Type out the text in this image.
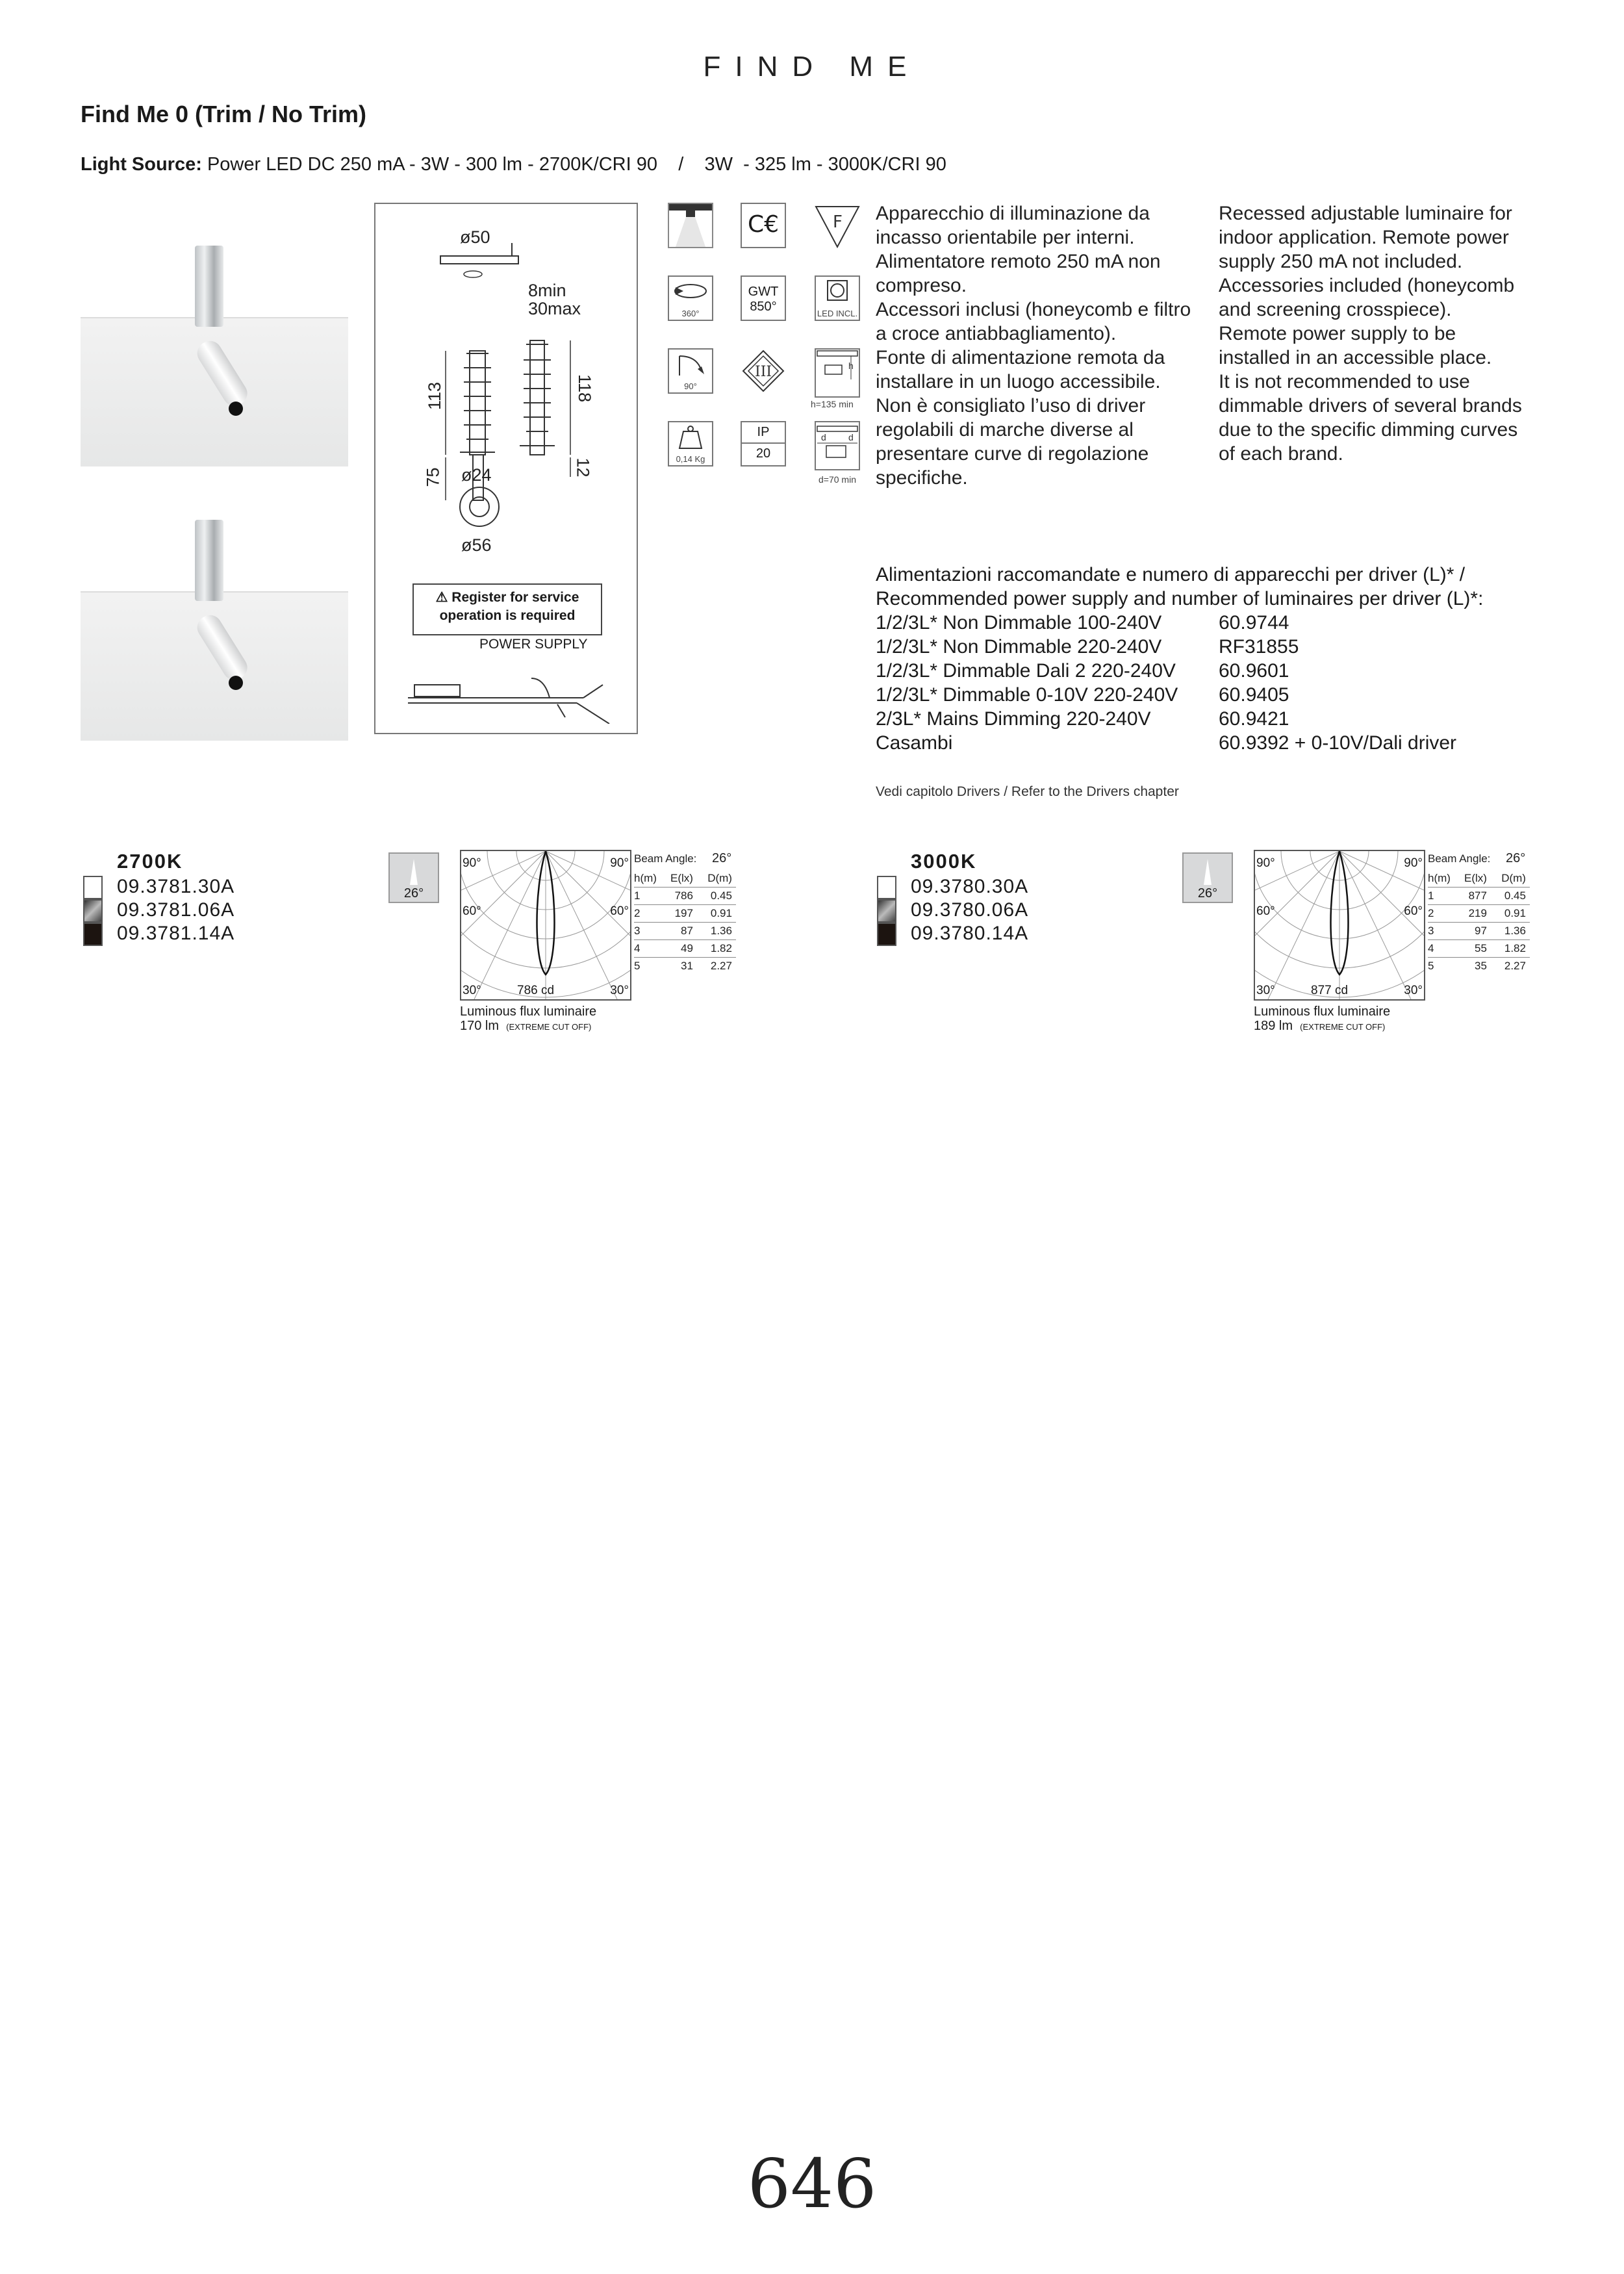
FIND ME
Find Me 0 (Trim / No Trim)
Light Source: Power LED DC 250 mA - 3W - 300 lm - 2700K/CRI 90    /    3W  - 325 lm - 3000K/CRI 90
ø50
8min
30max
113
75
118
12
ø24
ø56
⚠ Register for service
operation is required
POWER SUPPLY
C€	F
360°
GWT
850°	LED INCL.
90°
III	h
h=135 min
0,14 Kg
IP
20
d d
d=70 min
Apparecchio di illuminazione da
incasso orientabile per interni.
Alimentatore remoto 250 mA non
compreso.
Accessori inclusi (honeycomb e filtro
a croce antiabbagliamento).
Fonte di alimentazione remota da
installare in un luogo accessibile.
Non è consigliato l’uso di driver
regolabili di marche diverse al
presentare curve di regolazione
specifiche.
Recessed adjustable luminaire for
indoor application. Remote power
supply 250 mA not included.
Accessories included (honeycomb
and screening crosspiece).
Remote power supply to be
installed in an accessible place.
It is not recommended to use
dimmable drivers of several brands
due to the specific dimming curves
of each brand.
Alimentazioni raccomandate e numero di apparecchi per driver (L)* /
Recommended power supply and number of luminaires per driver (L)*:
1/2/3L* Non Dimmable 100-240V	60.9744
1/2/3L* Non Dimmable 220-240V	RF31855
1/2/3L* Dimmable Dali 2 220-240V 60.9601
1/2/3L* Dimmable 0-10V 220-240V 60.9405
2/3L* Mains Dimming 220-240V	60.9421
Casambi	60.9392 + 0-10V/Dali driver
Vedi capitolo Drivers / Refer to the Drivers chapter
2700K
09.3781.30A
09.3781.06A
09.3781.14A
26°
90°	90°
60°	60°
30°	30°
786 cd
Luminous flux luminaire
170 lm (EXTREME CUT OFF)
Beam Angle: 26°
h(m)	E(lx)	D(m)
1	786	0.45
2	197	0.91
3	87	1.36
4	49	1.82
5	31	2.27
3000K
09.3780.30A
09.3780.06A
09.3780.14A
26°
90°	90°
60°	60°
30°	30°
877 cd
Luminous flux luminaire
189 lm (EXTREME CUT OFF)
Beam Angle: 26°
h(m)	E(lx)	D(m)
1	877	0.45
2	219	0.91
3	97	1.36
4	55	1.82
5	35	2.27
646
